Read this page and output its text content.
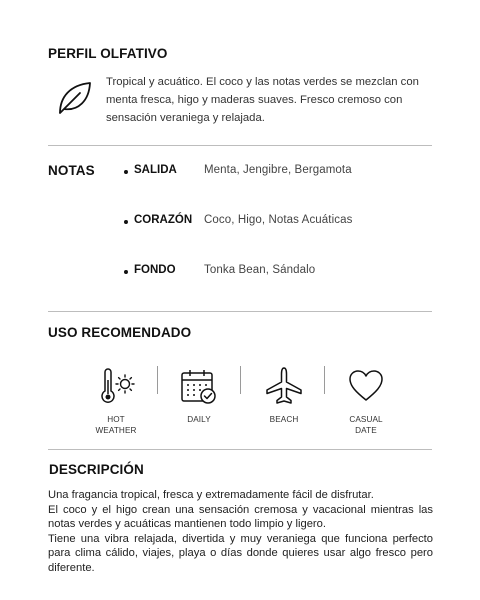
PERFIL OLFATIVO
Tropical y acuático. El coco y las notas verdes se mezclan con menta fresca, higo y maderas suaves. Fresco cremoso con sensación veraniega y relajada.
NOTAS	SALIDA Menta, Jengibre, Bergamota
CORAZÓN Coco, Higo, Notas Acuáticas
FONDO Tonka Bean, Sándalo
USO RECOMENDADO
HOT
WEATHER
DAILY	BEACH	CASUAL
DATE
DESCRIPCIÓN

Una fragancia tropical, fresca y extremadamente fácil de disfrutar.

El coco y el higo crean una sensación cremosa y vacacional mientras las notas verdes y acuáticas mantienen todo limpio y ligero.

Tiene una vibra relajada, divertida y muy veraniega que funciona perfecto para clima cálido, viajes, playa o días donde quieres usar algo fresco pero diferente.
